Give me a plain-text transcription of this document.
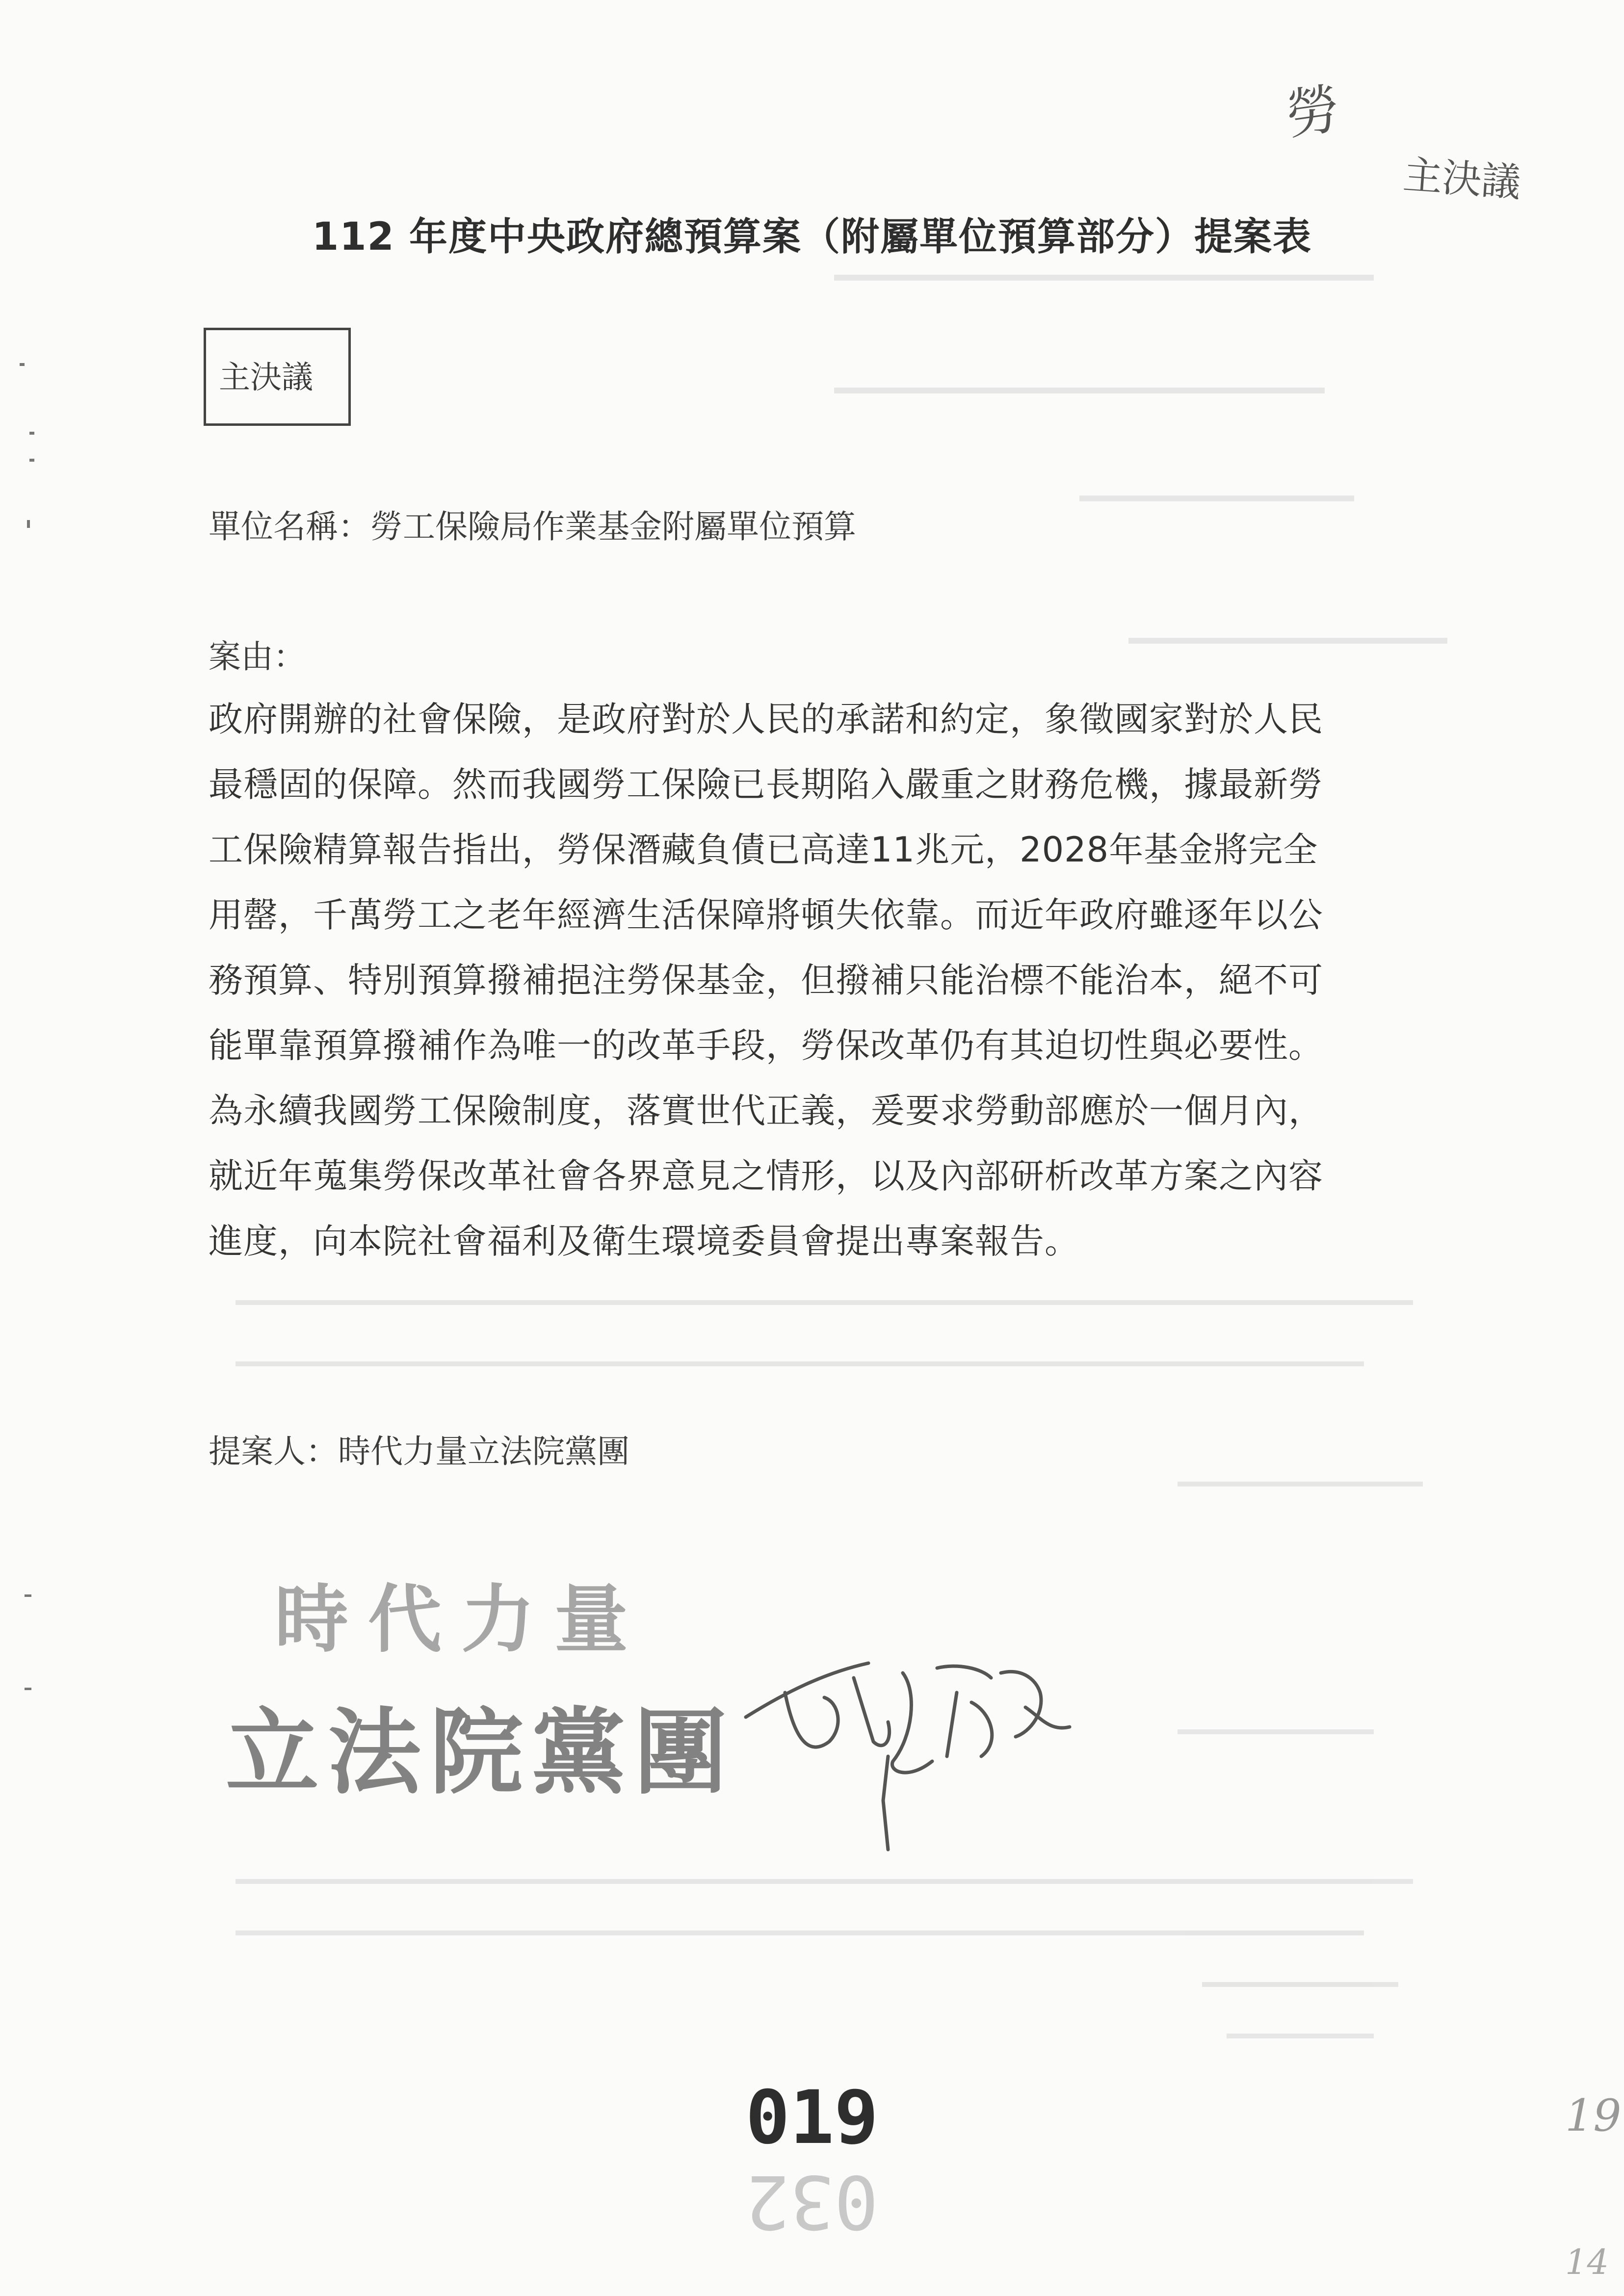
勞
主決議
112 年度中央政府總預算案（附屬單位預算部分）提案表
主決議
單位名稱：勞工保險局作業基金附屬單位預算
案由：
政府開辦的社會保險，是政府對於人民的承諾和約定，象徵國家對於人民
最穩固的保障。然而我國勞工保險已長期陷入嚴重之財務危機，據最新勞
工保險精算報告指出，勞保潛藏負債已高達11兆元，2028年基金將完全
用罄，千萬勞工之老年經濟生活保障將頓失依靠。而近年政府雖逐年以公
務預算、特別預算撥補挹注勞保基金，但撥補只能治標不能治本，絕不可
能單靠預算撥補作為唯一的改革手段，勞保改革仍有其迫切性與必要性。
為永續我國勞工保險制度，落實世代正義，爰要求勞動部應於一個月內，
就近年蒐集勞保改革社會各界意見之情形，以及內部研析改革方案之內容
進度，向本院社會福利及衛生環境委員會提出專案報告。
提案人：時代力量立法院黨團
時代力量
立法院黨團
019
032
19
14
